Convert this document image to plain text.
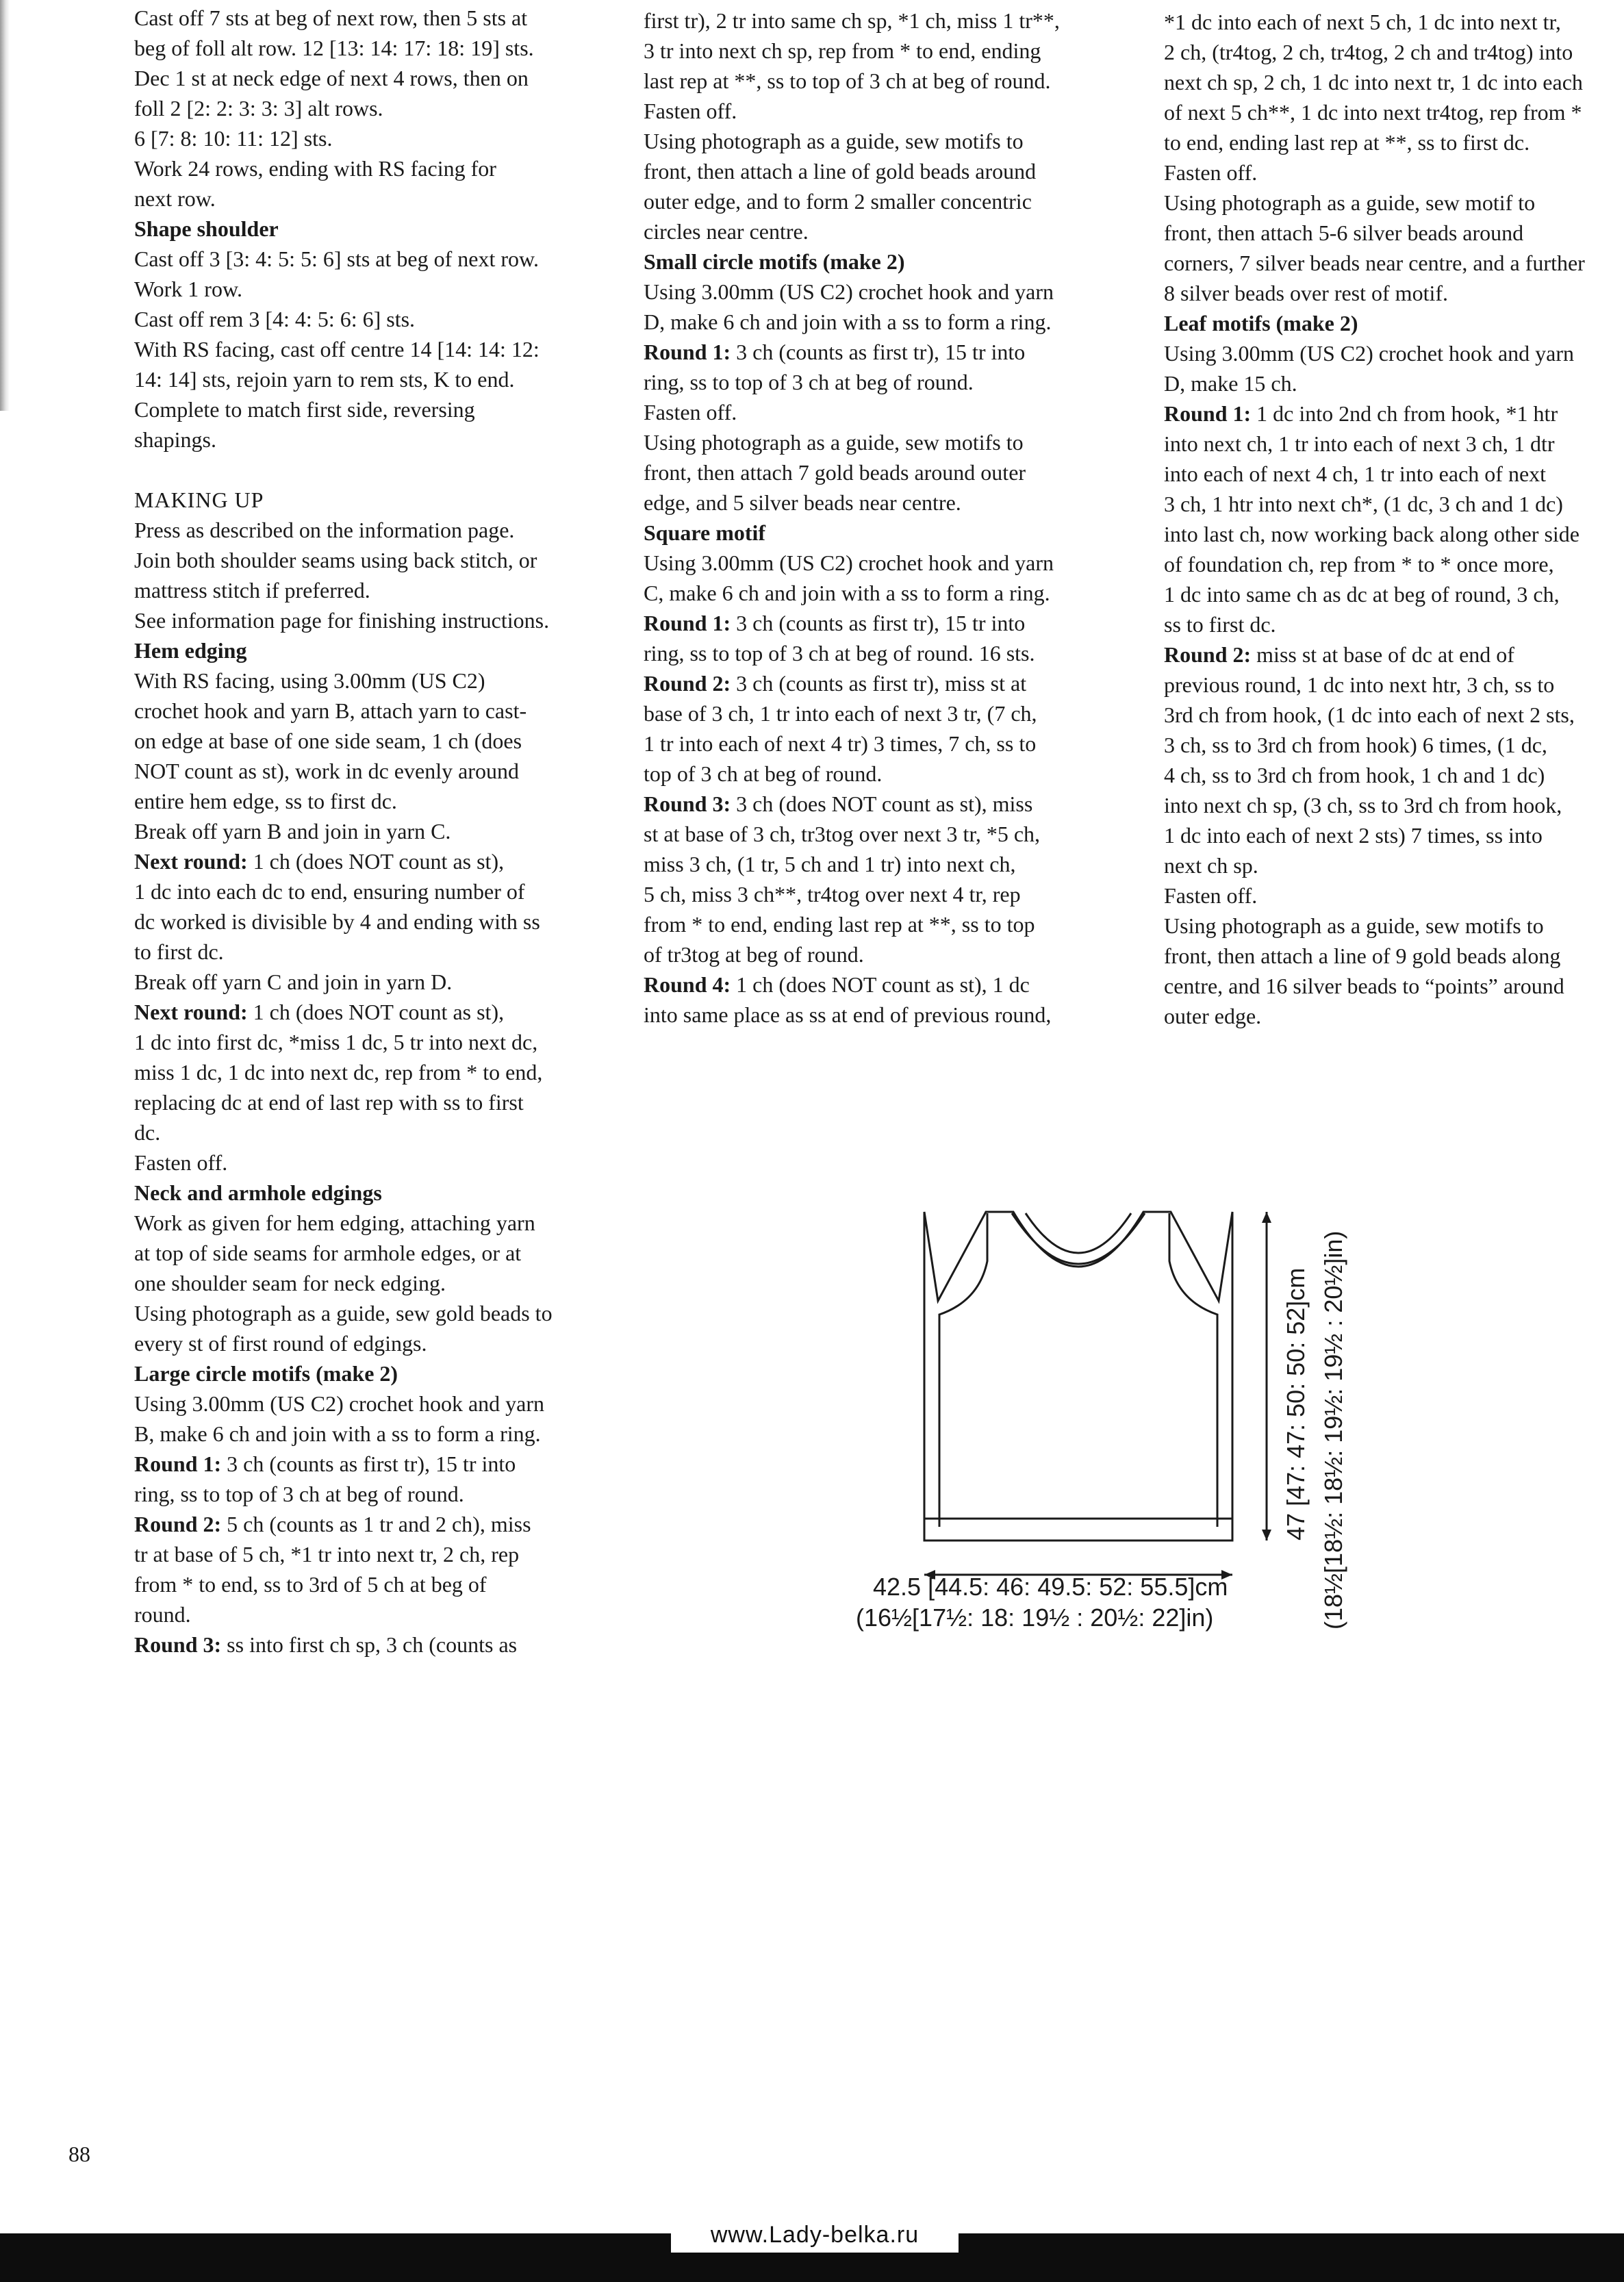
Cast off 7 sts at beg of next row, then 5 sts at

beg of foll alt row. 12 [13: 14: 17: 18: 19] sts.

Dec 1 st at neck edge of next 4 rows, then on

foll 2 [2: 2: 3: 3: 3] alt rows.

6 [7: 8: 10: 11: 12] sts.

Work 24 rows, ending with RS facing for

next row.

Shape shoulder

Cast off 3 [3: 4: 5: 5: 6] sts at beg of next row.

Work 1 row.

Cast off rem 3 [4: 4: 5: 6: 6] sts.

With RS facing, cast off centre 14 [14: 14: 12:

14: 14] sts, rejoin yarn to rem sts, K to end.

Complete to match first side, reversing

shapings.

MAKING UP

Press as described on the information page.

Join both shoulder seams using back stitch, or

mattress stitch if preferred.

See information page for finishing instructions.

Hem edging

With RS facing, using 3.00mm (US C2)

crochet hook and yarn B, attach yarn to cast-

on edge at base of one side seam, 1 ch (does

NOT count as st), work in dc evenly around

entire hem edge, ss to first dc.

Break off yarn B and join in yarn C.

Next round: 1 ch (does NOT count as st),

1 dc into each dc to end, ensuring number of

dc worked is divisible by 4 and ending with ss

to first dc.

Break off yarn C and join in yarn D.

Next round: 1 ch (does NOT count as st),

1 dc into first dc, *miss 1 dc, 5 tr into next dc,

miss 1 dc, 1 dc into next dc, rep from * to end,

replacing dc at end of last rep with ss to first

dc.

Fasten off.

Neck and armhole edgings

Work as given for hem edging, attaching yarn

at top of side seams for armhole edges, or at

one shoulder seam for neck edging.

Using photograph as a guide, sew gold beads to

every st of first round of edgings.

Large circle motifs (make 2)

Using 3.00mm (US C2) crochet hook and yarn

B, make 6 ch and join with a ss to form a ring.

Round 1: 3 ch (counts as first tr), 15 tr into

ring, ss to top of 3 ch at beg of round.

Round 2: 5 ch (counts as 1 tr and 2 ch), miss

tr at base of 5 ch, *1 tr into next tr, 2 ch, rep

from * to end, ss to 3rd of 5 ch at beg of

round.

Round 3: ss into first ch sp, 3 ch (counts as

first tr), 2 tr into same ch sp, *1 ch, miss 1 tr**,

3 tr into next ch sp, rep from * to end, ending

last rep at **, ss to top of 3 ch at beg of round.

Fasten off.

Using photograph as a guide, sew motifs to

front, then attach a line of gold beads around

outer edge, and to form 2 smaller concentric

circles near centre.

Small circle motifs (make 2)

Using 3.00mm (US C2) crochet hook and yarn

D, make 6 ch and join with a ss to form a ring.

Round 1: 3 ch (counts as first tr), 15 tr into

ring, ss to top of 3 ch at beg of round.

Fasten off.

Using photograph as a guide, sew motifs to

front, then attach 7 gold beads around outer

edge, and 5 silver beads near centre.

Square motif

Using 3.00mm (US C2) crochet hook and yarn

C, make 6 ch and join with a ss to form a ring.

Round 1: 3 ch (counts as first tr), 15 tr into

ring, ss to top of 3 ch at beg of round. 16 sts.

Round 2: 3 ch (counts as first tr), miss st at

base of 3 ch, 1 tr into each of next 3 tr, (7 ch,

1 tr into each of next 4 tr) 3 times, 7 ch, ss to

top of 3 ch at beg of round.

Round 3: 3 ch (does NOT count as st), miss

st at base of 3 ch, tr3tog over next 3 tr, *5 ch,

miss 3 ch, (1 tr, 5 ch and 1 tr) into next ch,

5 ch, miss 3 ch**, tr4tog over next 4 tr, rep

from * to end, ending last rep at **, ss to top

of tr3tog at beg of round.

Round 4: 1 ch (does NOT count as st), 1 dc

into same place as ss at end of previous round,

*1 dc into each of next 5 ch, 1 dc into next tr,

2 ch, (tr4tog, 2 ch, tr4tog, 2 ch and tr4tog) into

next ch sp, 2 ch, 1 dc into next tr, 1 dc into each

of next 5 ch**, 1 dc into next tr4tog, rep from *

to end, ending last rep at **, ss to first dc.

Fasten off.

Using photograph as a guide, sew motif to

front, then attach 5-6 silver beads around

corners, 7 silver beads near centre, and a further

8 silver beads over rest of motif.

Leaf motifs (make 2)

Using 3.00mm (US C2) crochet hook and yarn

D, make 15 ch.

Round 1: 1 dc into 2nd ch from hook, *1 htr

into next ch, 1 tr into each of next 3 ch, 1 dtr

into each of next 4 ch, 1 tr into each of next

3 ch, 1 htr into next ch*, (1 dc, 3 ch and 1 dc)

into last ch, now working back along other side

of foundation ch, rep from * to * once more,

1 dc into same ch as dc at beg of round, 3 ch,

ss to first dc.

Round 2: miss st at base of dc at end of

previous round, 1 dc into next htr, 3 ch, ss to

3rd ch from hook, (1 dc into each of next 2 sts,

3 ch, ss to 3rd ch from hook) 6 times, (1 dc,

4 ch, ss to 3rd ch from hook, 1 ch and 1 dc)

into next ch sp, (3 ch, ss to 3rd ch from hook,

1 dc into each of next 2 sts) 7 times, ss into

next ch sp.

Fasten off.

Using photograph as a guide, sew motifs to

front, then attach a line of 9 gold beads along

centre, and 16 silver beads to “points” around

outer edge.

42.5 [44.5: 46: 49.5: 52: 55.5]cm
(16½[17½: 18: 19½ : 20½: 22]in)
47 [47: 47: 50: 50: 52]cm (18½[18½: 18½: 19½: 19½ : 20½]in)
88
www.Lady-belka.ru
